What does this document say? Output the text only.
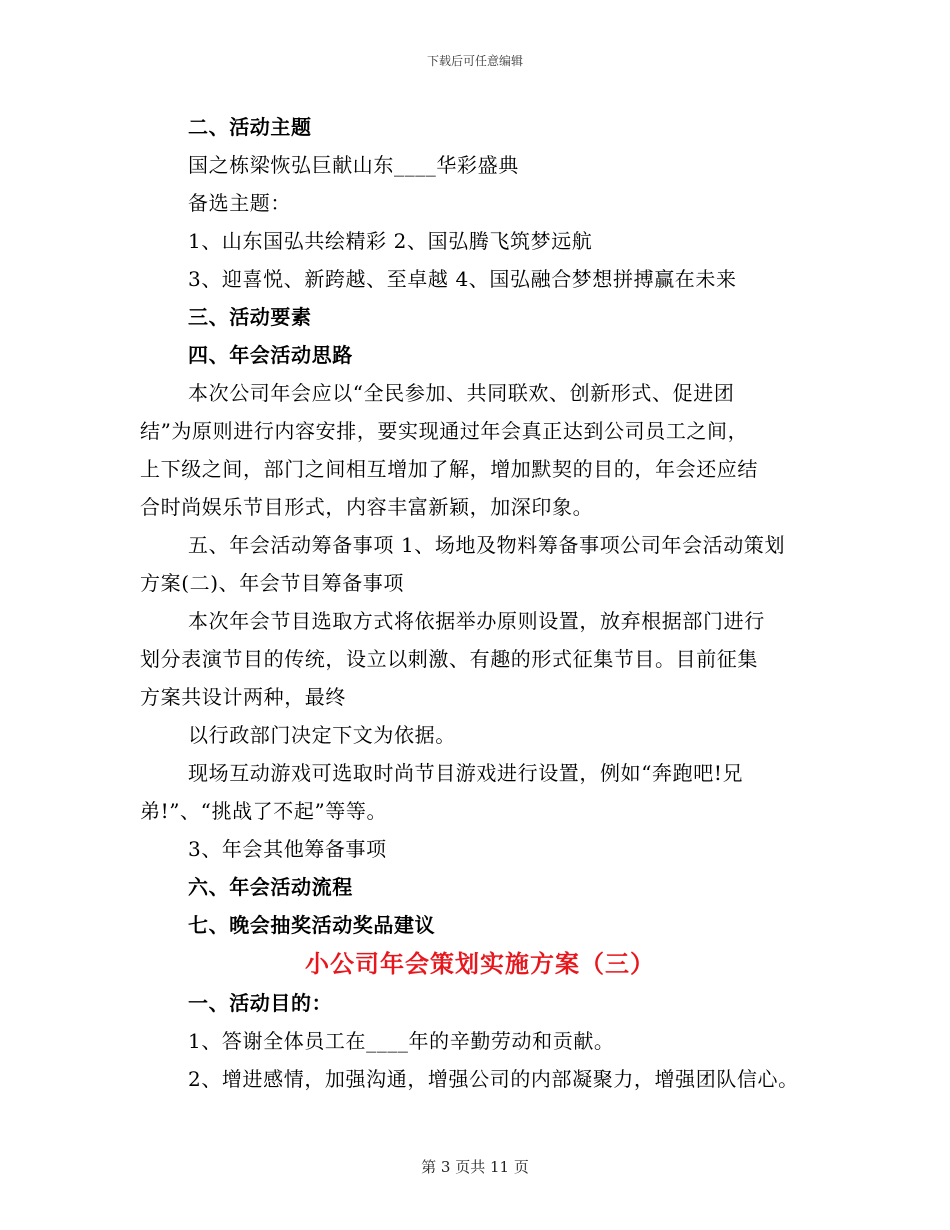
下载后可任意编辑
二、活动主题
国之栋梁恢弘巨献山东____华彩盛典
备选主题：
1、山东国弘共绘精彩 2、国弘腾飞筑梦远航
3、迎喜悦、新跨越、至卓越 4、国弘融合梦想拼搏赢在未来
三、活动要素
四、年会活动思路
本次公司年会应以“全民参加、共同联欢、创新形式、促进团
结”为原则进行内容安排，要实现通过年会真正达到公司员工之间，
上下级之间，部门之间相互增加了解，增加默契的目的，年会还应结
合时尚娱乐节目形式，内容丰富新颖，加深印象。
五、年会活动筹备事项 1、场地及物料筹备事项公司年会活动策划
方案(二)、年会节目筹备事项
本次年会节目选取方式将依据举办原则设置，放弃根据部门进行
划分表演节目的传统，设立以刺激、有趣的形式征集节目。目前征集
方案共设计两种，最终
以行政部门决定下文为依据。
现场互动游戏可选取时尚节目游戏进行设置，例如“奔跑吧!兄
弟!”、“挑战了不起”等等。
3、年会其他筹备事项
六、年会活动流程
七、晚会抽奖活动奖品建议
小公司年会策划实施方案（三）
一、活动目的：
1、答谢全体员工在____年的辛勤劳动和贡献。
2、增进感情，加强沟通，增强公司的内部凝聚力，增强团队信心。
第 3 页共 11 页
